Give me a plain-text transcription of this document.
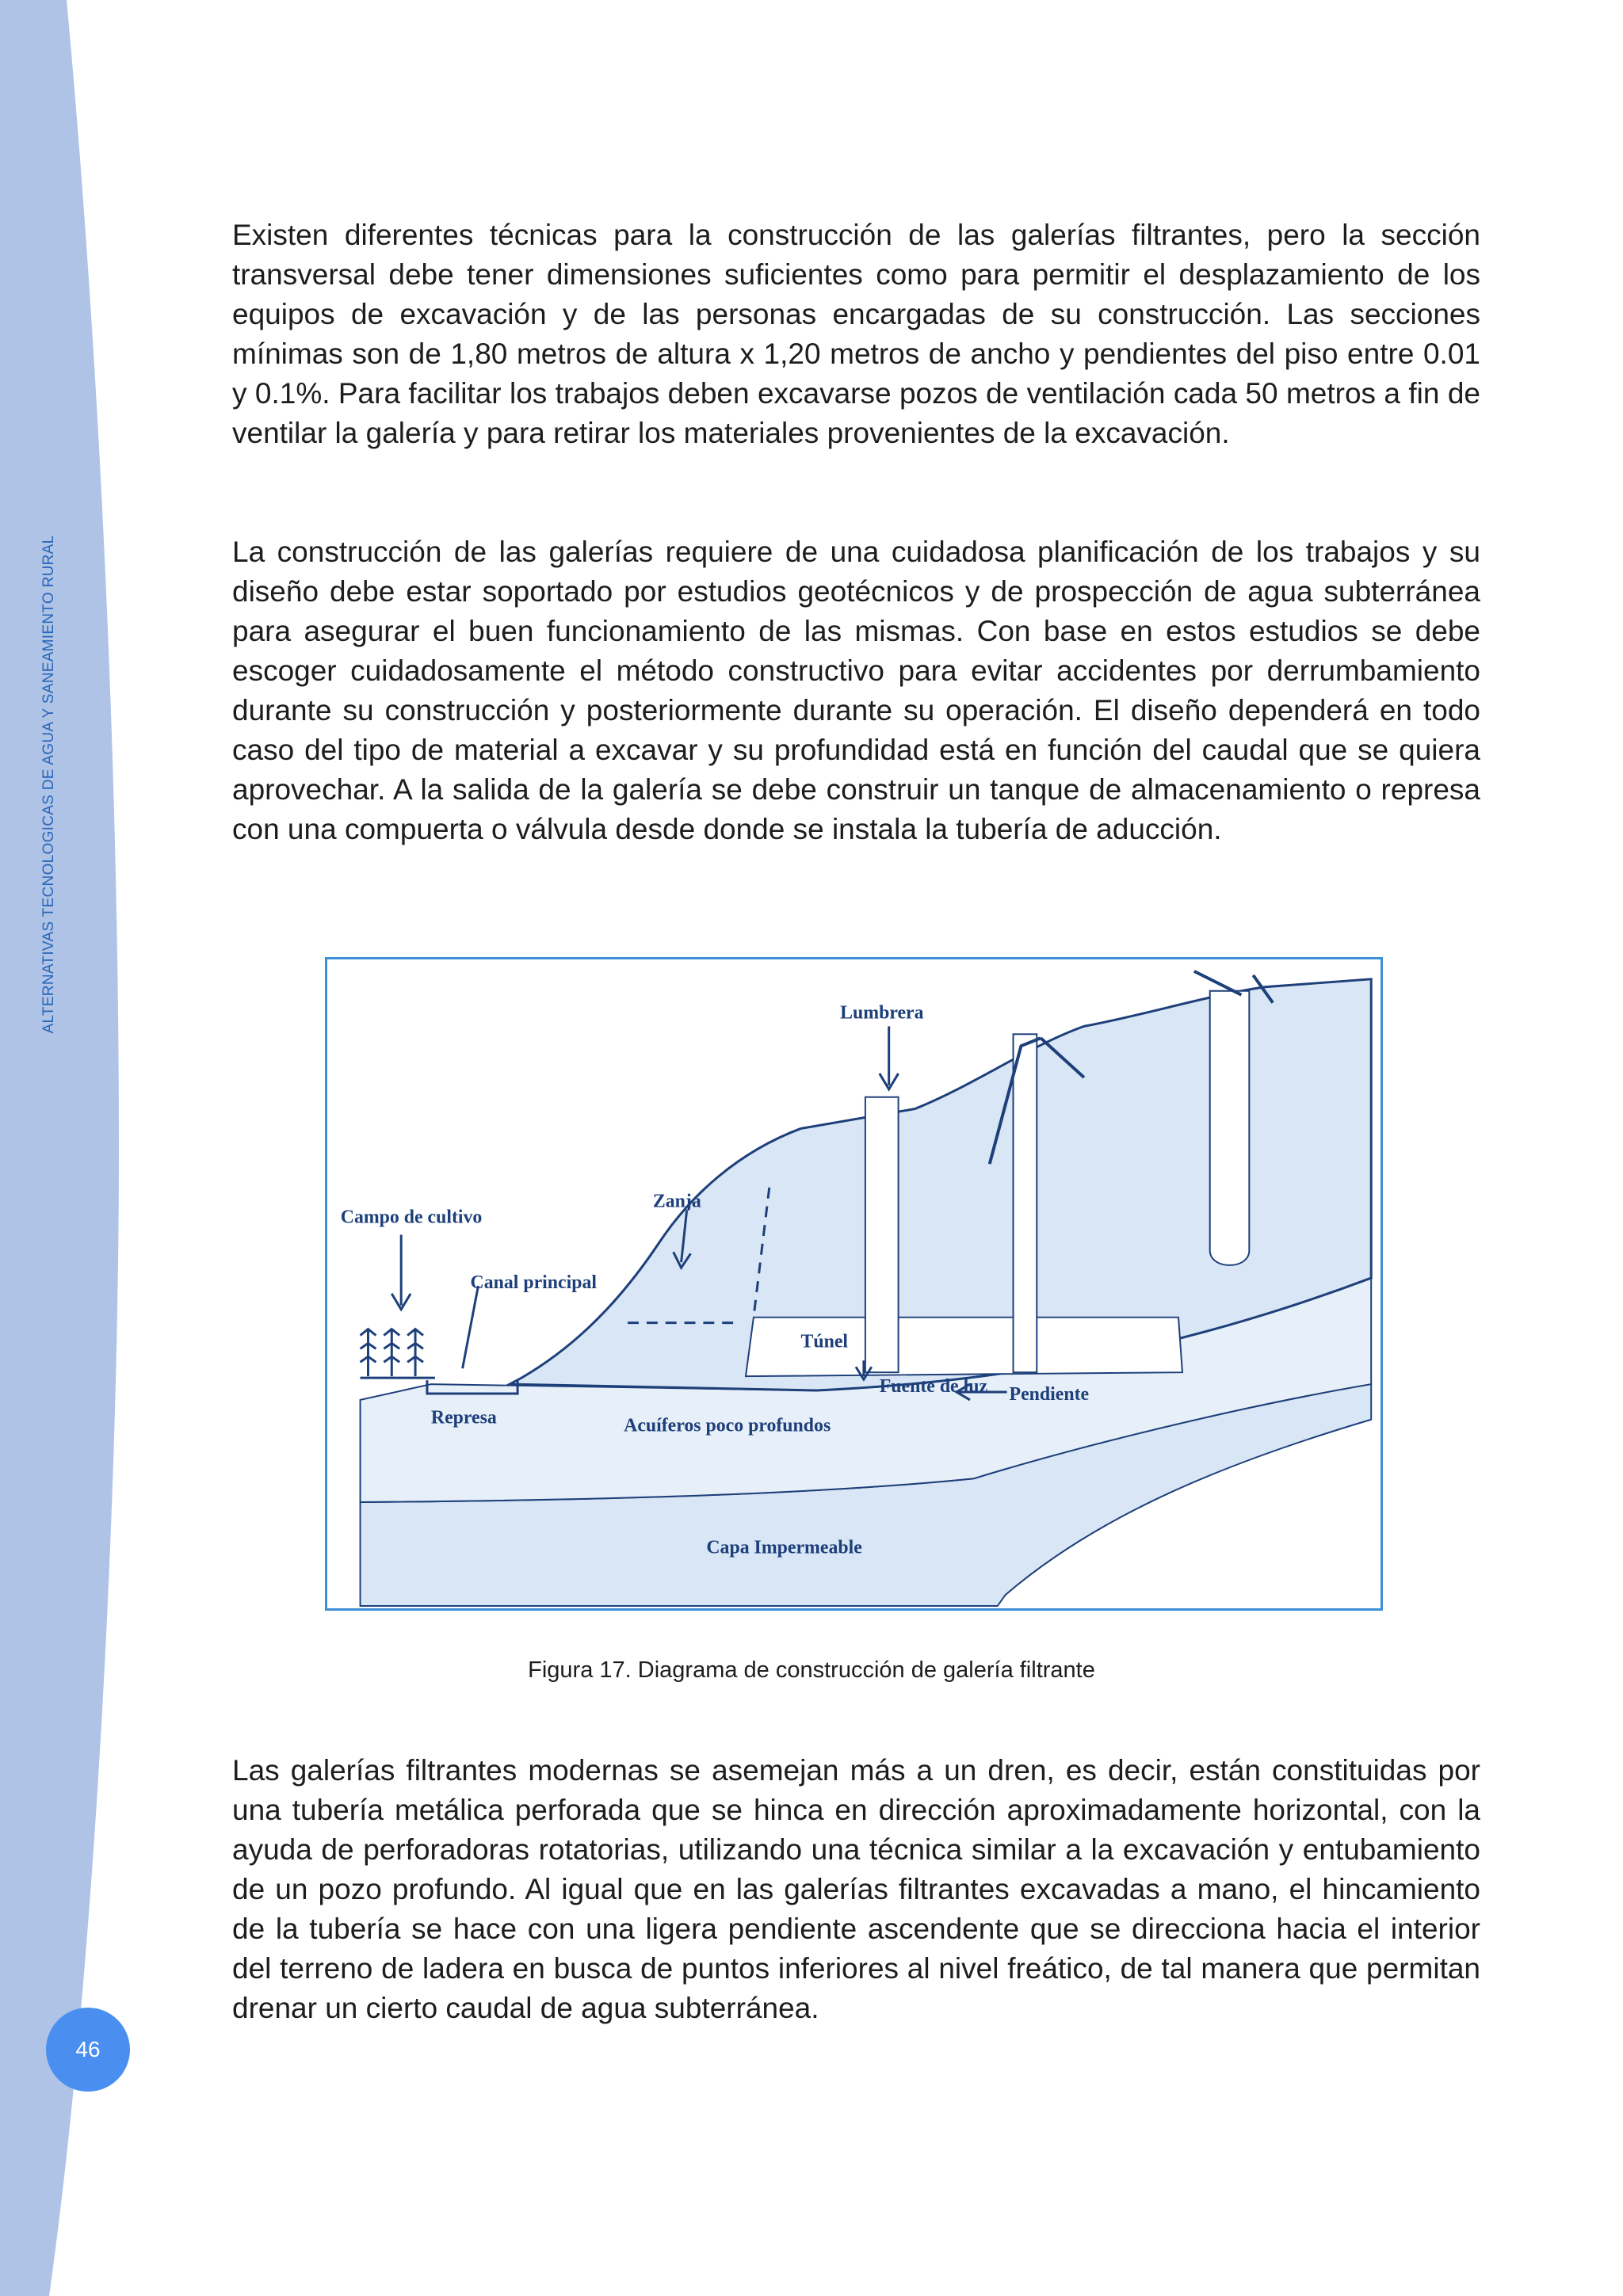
ALTERNATIVAS TECNOLOGICAS DE AGUA Y SANEAMIENTO RURAL
46

Existen diferentes técnicas para la construcción de las galerías filtrantes, pero la sección transversal debe tener dimensiones suficientes como para permitir el desplazamiento de los equipos de excavación y de las personas encargadas de su construcción. Las secciones mínimas son de 1,80 metros de altura x 1,20 metros de ancho y pendientes del piso entre 0.01 y 0.1%. Para facilitar los trabajos deben excavarse pozos de ventilación cada 50 metros a fin de ventilar la galería y para retirar los materiales provenientes de la excavación.

La construcción de las galerías requiere de una cuidadosa planificación de los trabajos y su diseño debe estar soportado por estudios geotécnicos y de prospección de agua subterránea para asegurar el buen funcionamiento de las mismas. Con base en estos estudios se debe escoger cuidadosamente el método constructivo para evitar accidentes por derrumbamiento durante su construcción y posteriormente durante su operación. El diseño dependerá en todo caso del tipo de material a excavar y su profundidad está en función del caudal que se quiera aprovechar. A la salida de la galería se debe construir un tanque de almacenamiento o represa con una compuerta o válvula desde donde se instala la tubería de aducción.

Lumbrera
Campo de cultivo
Zanja
Canal principal
Túnel
Fuente de luz Pendiente
Represa	Acuíferos poco profundos
Capa Impermeable

Figura 17. Diagrama de construcción de galería filtrante

Las galerías filtrantes modernas se asemejan más a un dren, es decir, están constituidas por una tubería metálica perforada que se hinca en dirección aproximadamente horizontal, con la ayuda de perforadoras rotatorias, utilizando una técnica similar a la excavación y entubamiento de un pozo profundo. Al igual que en las galerías filtrantes excavadas a mano, el hincamiento de la tubería se hace con una ligera pendiente ascendente que se direcciona hacia el interior del terreno de ladera en busca de puntos inferiores al nivel freático, de tal manera que permitan drenar un cierto caudal de agua subterránea.
